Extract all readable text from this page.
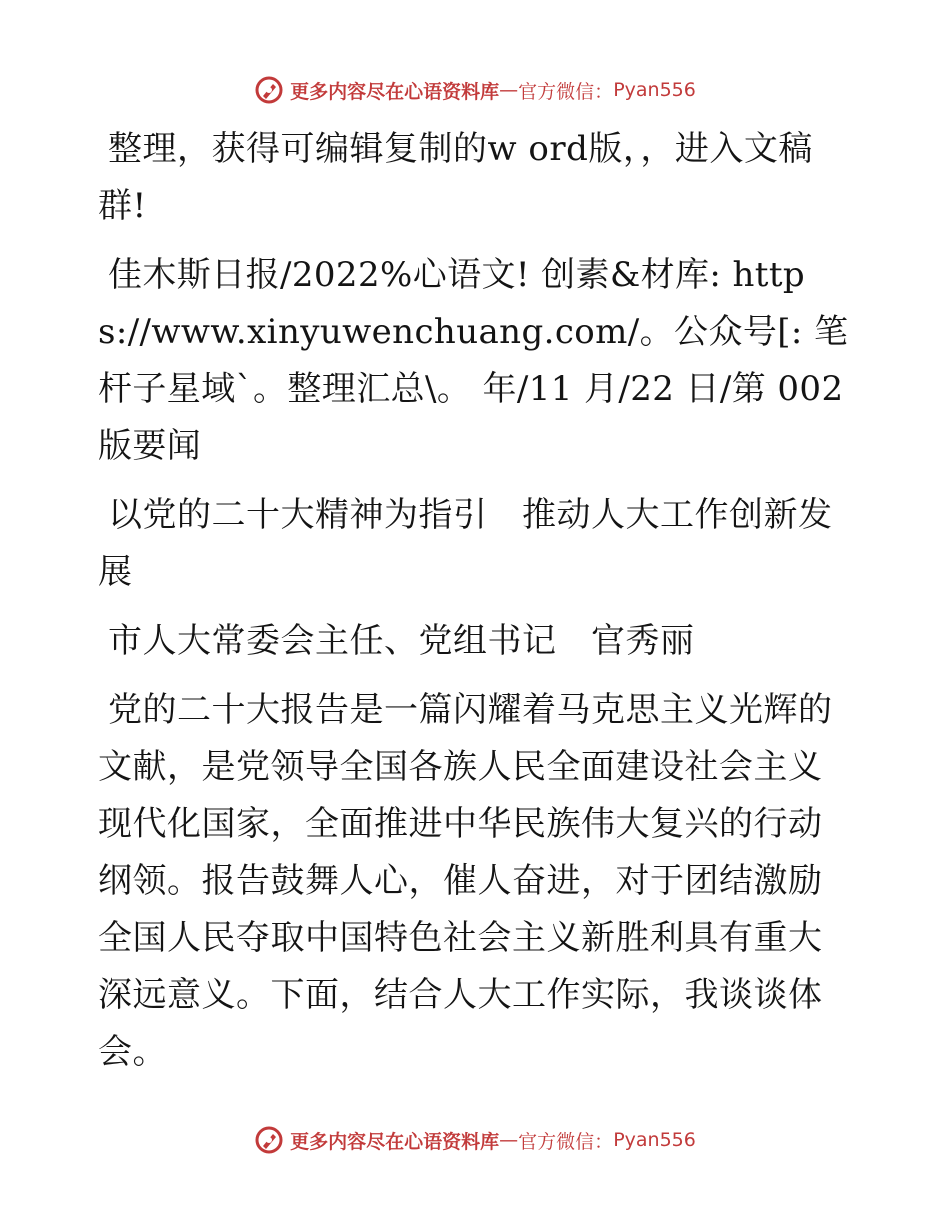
更多内容尽在心语资料库 — 官方微信： Pyan556

整理，获得可编辑复制的w ord版，，进入文稿群!

佳木斯日报/2022%心语文! 创素&材库: https://www.xinyuwenchuang.com/。公众号[: 笔杆子星域`。整理汇总\。 年/11 月/22 日/第 002 版要闻

以党的二十大精神为指引　推动人大工作创新发展

市人大常委会主任、党组书记　官秀丽

党的二十大报告是一篇闪耀着马克思主义光辉的文献，是党领导全国各族人民全面建设社会主义现代化国家，全面推进中华民族伟大复兴的行动纲领。报告鼓舞人心，催人奋进，对于团结激励全国人民夺取中国特色社会主义新胜利具有重大深远意义。下面，结合人大工作实际，我谈谈体会。

更多内容尽在心语资料库 — 官方微信： Pyan556
